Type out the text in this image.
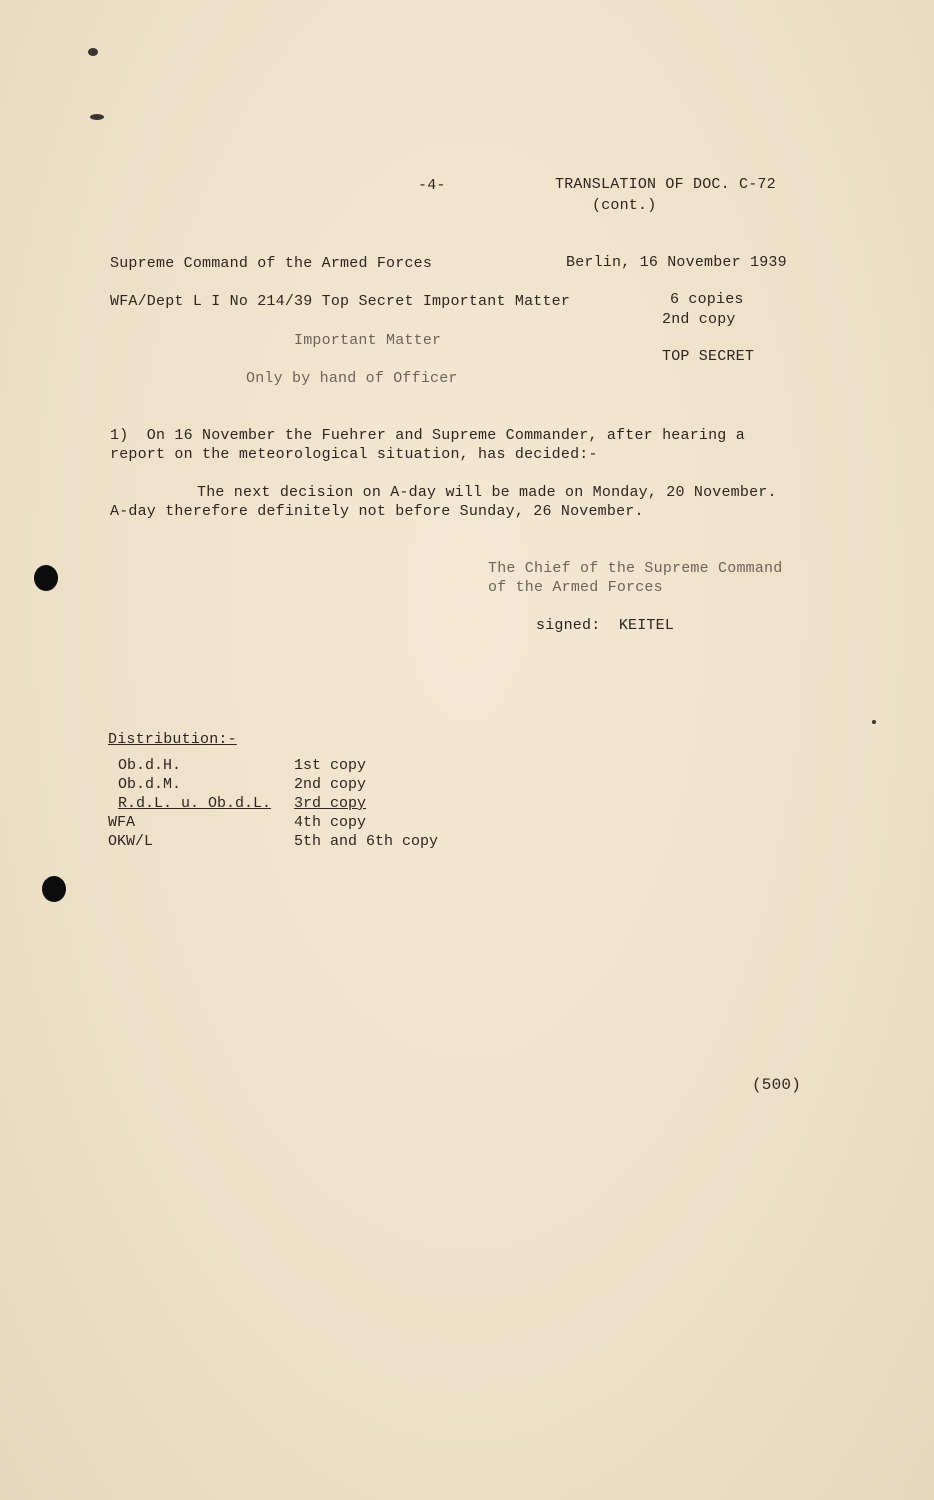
-4-	TRANSLATION OF DOC. C-72
(cont.)
Supreme Command of the Armed Forces	Berlin, 16 November 1939
WFA/Dept L I No 214/39 Top Secret Important Matter	6 copies
2nd copy
Important Matter
TOP SECRET
Only by hand of Officer
1)  On 16 November the Fuehrer and Supreme Commander, after hearing a
report on the meteorological situation, has decided:-
The next decision on A-day will be made on Monday, 20 November.
A-day therefore definitely not before Sunday, 26 November.
The Chief of the Supreme Command
of the Armed Forces
signed:  KEITEL
Distribution:-
Ob.d.H.	1st copy
Ob.d.M.	2nd copy
R.d.L. u. Ob.d.L. 3rd copy
WFA	4th copy
OKW/L	5th and 6th copy
(500)
